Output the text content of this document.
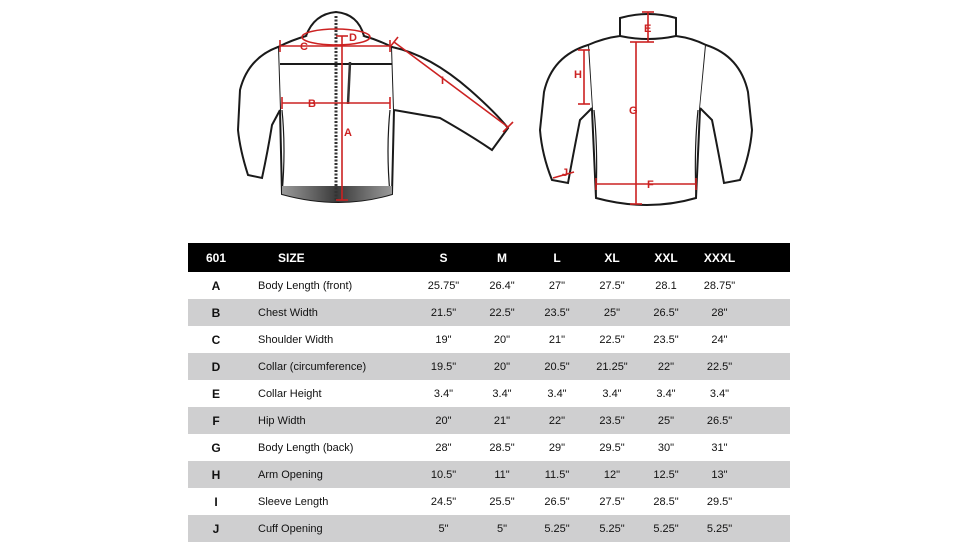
A
B
C
D
I
E
F
G
H
J
601	SIZE	S	M	L	XL	XXL	XXXL	
A	Body Length (front)	25.75"	26.4"	27"	27.5"	28.1	28.75"	
B	Chest Width	21.5"	22.5"	23.5"	25"	26.5"	28"	
C	Shoulder Width	19"	20"	21"	22.5"	23.5"	24"	
D	Collar (circumference)	19.5"	20"	20.5"	21.25"	22"	22.5"	
E	Collar Height	3.4"	3.4"	3.4"	3.4"	3.4"	3.4"	
F	Hip Width	20"	21"	22"	23.5"	25"	26.5"	
G	Body Length (back)	28"	28.5"	29"	29.5"	30"	31"	
H	Arm Opening	10.5"	11"	11.5"	12"	12.5"	13"	
I	Sleeve Length	24.5"	25.5"	26.5"	27.5"	28.5"	29.5"	
J	Cuff Opening	5"	5"	5.25"	5.25"	5.25"	5.25"	
